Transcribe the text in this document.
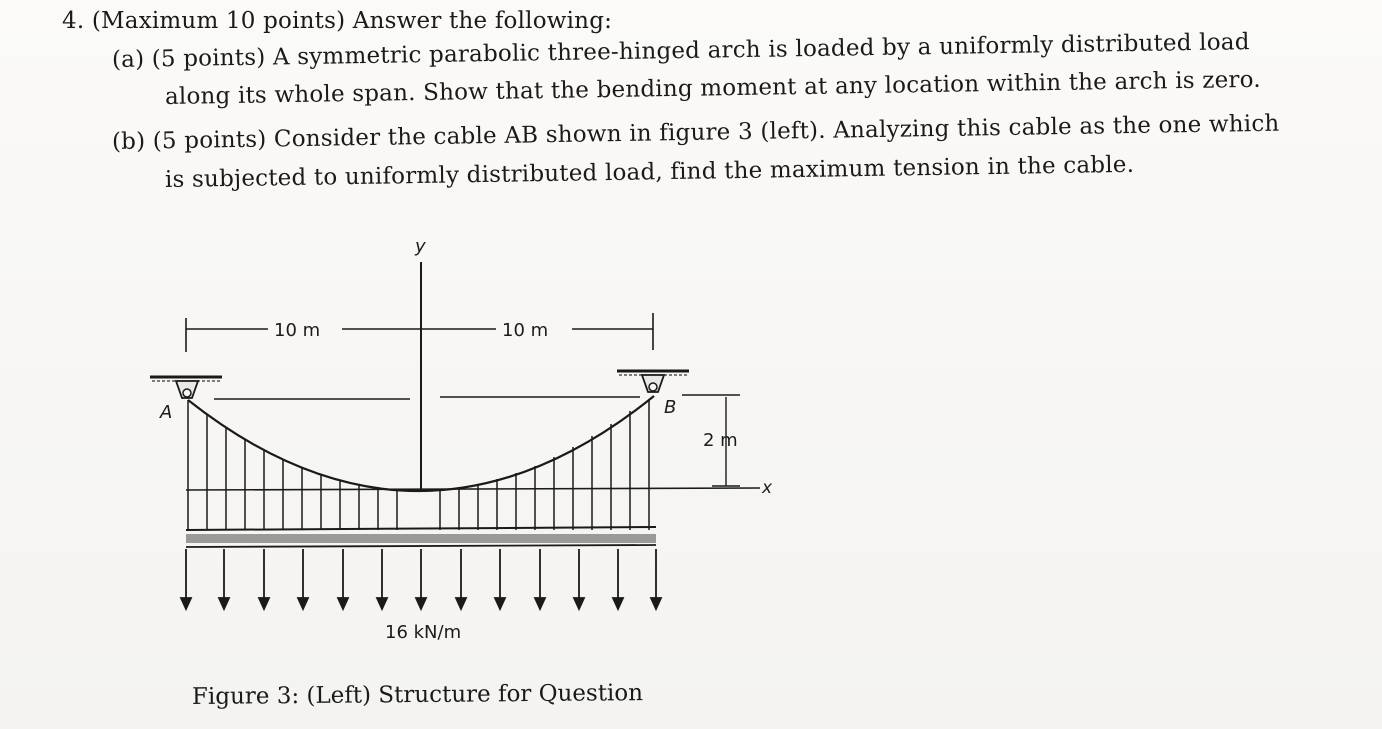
4. (Maximum 10 points) Answer the following:
(a) (5 points) A symmetric parabolic three-hinged arch is loaded by a uniformly distributed load
along its whole span. Show that the bending moment at any location within the arch is zero.
(b) (5 points) Consider the cable AB shown in figure 3 (left). Analyzing this cable as the one which
is subjected to uniformly distributed load, find the maximum tension in the cable.
y
10 m	10 m
A	B
x
2 m
16 kN/m
Figure 3: (Left) Structure for Question
